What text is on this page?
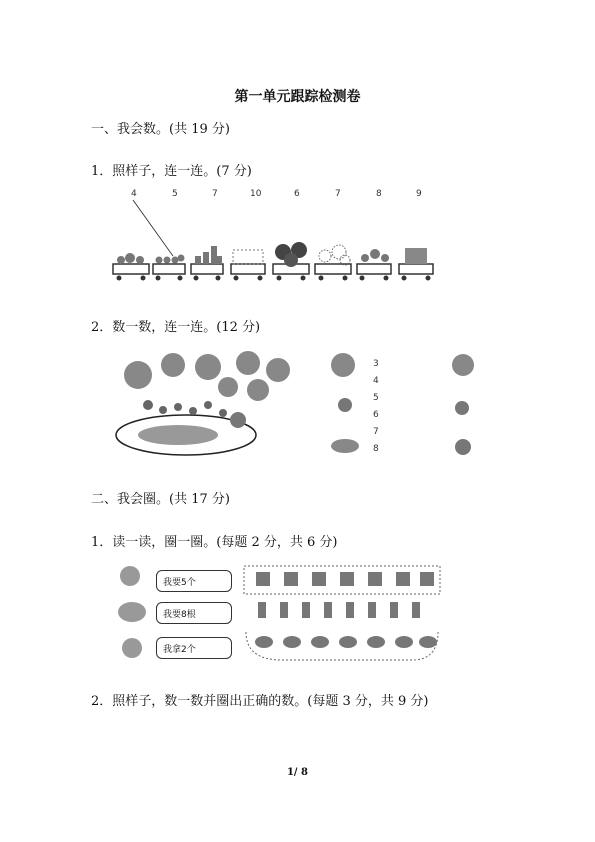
第一单元跟踪检测卷
一、我会数。(共 19 分)
1．照样子，连一连。(7 分)
4	5	7	10	6	7	8	9
2．数一数，连一连。(12 分)
3
4
5
6
7
8
二、我会圈。(共 17 分)
1．读一读，圈一圈。(每题 2 分，共 6 分)
我要5个
我要8根
我拿2个
2．照样子，数一数并圈出正确的数。(每题 3 分，共 9 分)
1/ 8
